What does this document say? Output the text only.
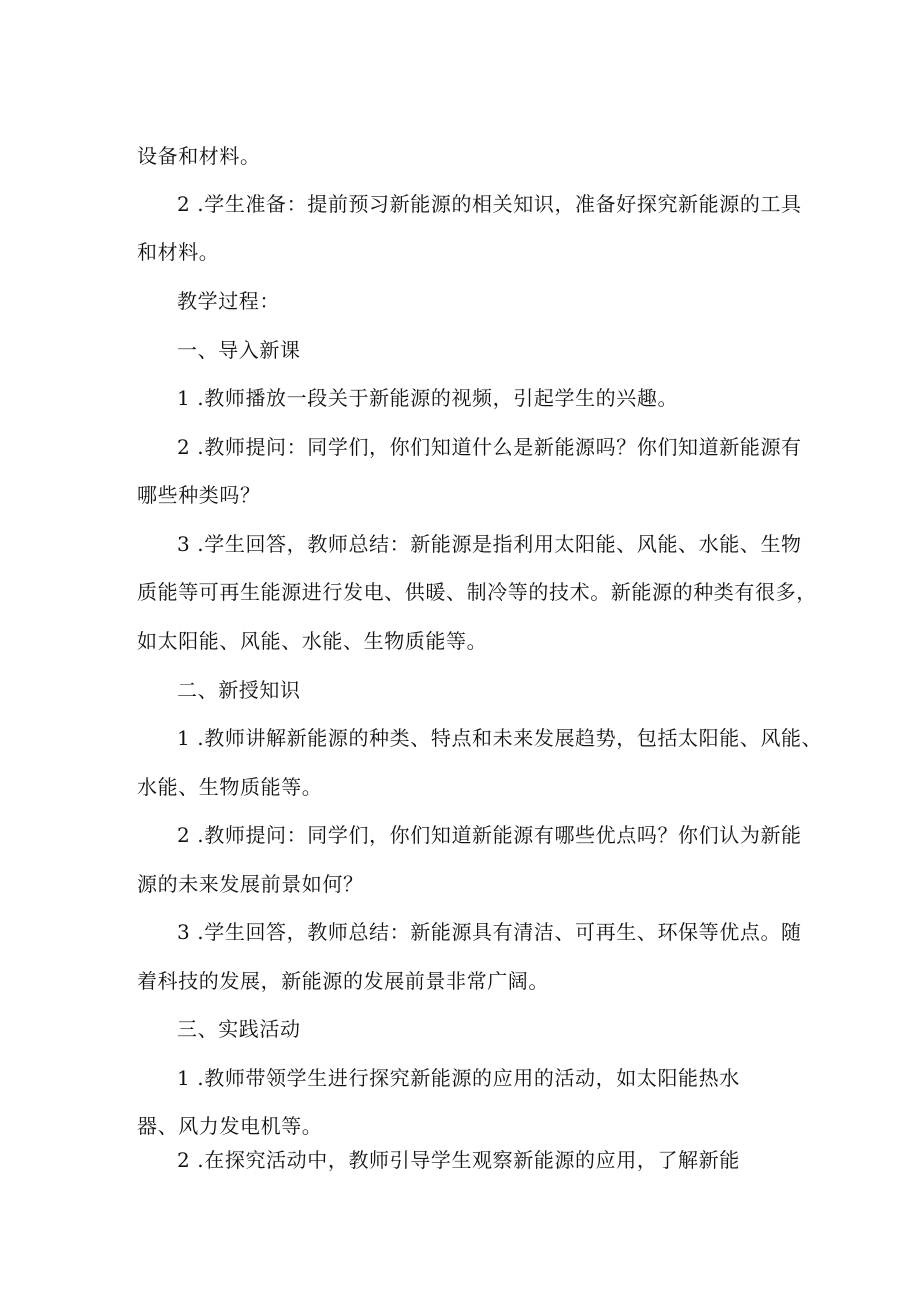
设备和材料。
2 .学生准备：提前预习新能源的相关知识，准备好探究新能源的工具
和材料。
教学过程：
一、导入新课
1 .教师播放一段关于新能源的视频，引起学生的兴趣。
2 .教师提问：同学们，你们知道什么是新能源吗？你们知道新能源有
哪些种类吗？
3 .学生回答，教师总结：新能源是指利用太阳能、风能、水能、生物
质能等可再生能源进行发电、供暖、制冷等的技术。新能源的种类有很多，
如太阳能、风能、水能、生物质能等。
二、新授知识
1 .教师讲解新能源的种类、特点和未来发展趋势，包括太阳能、风能、
水能、生物质能等。
2 .教师提问：同学们，你们知道新能源有哪些优点吗？你们认为新能
源的未来发展前景如何？
3 .学生回答，教师总结：新能源具有清洁、可再生、环保等优点。随
着科技的发展，新能源的发展前景非常广阔。
三、实践活动
1 .教师带领学生进行探究新能源的应用的活动，如太阳能热水
器、风力发电机等。
2 .在探究活动中，教师引导学生观察新能源的应用，了解新能
